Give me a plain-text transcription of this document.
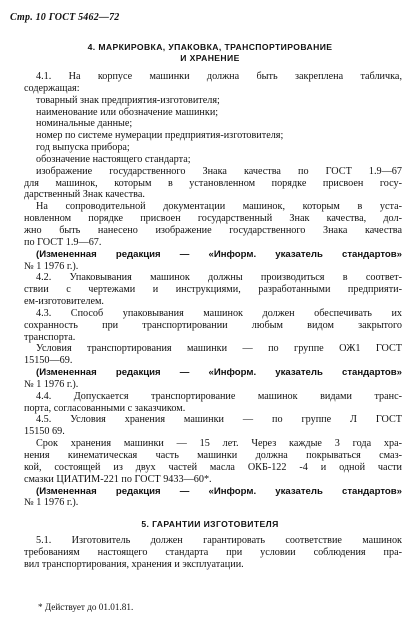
Стр. 10 ГОСТ 5462—72
4. МАРКИРОВКА, УПАКОВКА, ТРАНСПОРТИРОВАНИЕ
И ХРАНЕНИЕ
4.1. На корпусе машинки должна быть закреплена табличка,
содержащая:
товарный знак предприятия-изготовителя;
наименование или обозначение машинки;
номинальные данные;
номер по системе нумерации предприятия-изготовителя;
год выпуска прибора;
обозначение настоящего стандарта;
изображение государственного Знака качества по ГОСТ 1.9—67
для машинок, которым в установленном порядке присвоен госу-
дарственный Знак качества.
На сопроводительной документации машинок, которым в уста-
новленном порядке присвоен государственный Знак качества, дол-
жно быть нанесено изображение государственного Знака качества
по ГОСТ 1.9—67.
(Измененная редакция — «Информ. указатель стандартов»
№ 1 1976 г.).
4.2. Упаковывания машинок должны производиться в соответ-
ствии с чертежами и инструкциями, разработанными предприяти-
ем-изготовителем.
4.3. Способ упаковывания машинок должен обеспечивать их
сохранность при транспортировании любым видом закрытого
транспорта.
Условия транспортирования машинки — по группе ОЖ1 ГОСТ
15150—69.
(Измененная редакция — «Информ. указатель стандартов»
№ 1 1976 г.).
4.4. Допускается транспортирование машинок видами транс-
порта, согласованными с заказчиком.
4.5. Условия хранения машинки — по группе Л ГОСТ
15150 69.
Срок хранения машинки — 15 лет. Через каждые 3 года хра-
нения кинематическая часть машинки должна покрываться смаз-
кой, состоящей из двух частей масла ОКБ-122 -4 и одной части
смазки ЦИАТИМ-221 по ГОСТ 9433—60*.
(Измененная редакция — «Информ. указатель стандартов»
№ 1 1976 г.).
5. ГАРАНТИИ ИЗГОТОВИТЕЛЯ
5.1. Изготовитель должен гарантировать соответствие машинок
требованиям настоящего стандарта при условии соблюдения пра-
вил транспортирования, хранения и эксплуатации.
* Действует до 01.01.81.
